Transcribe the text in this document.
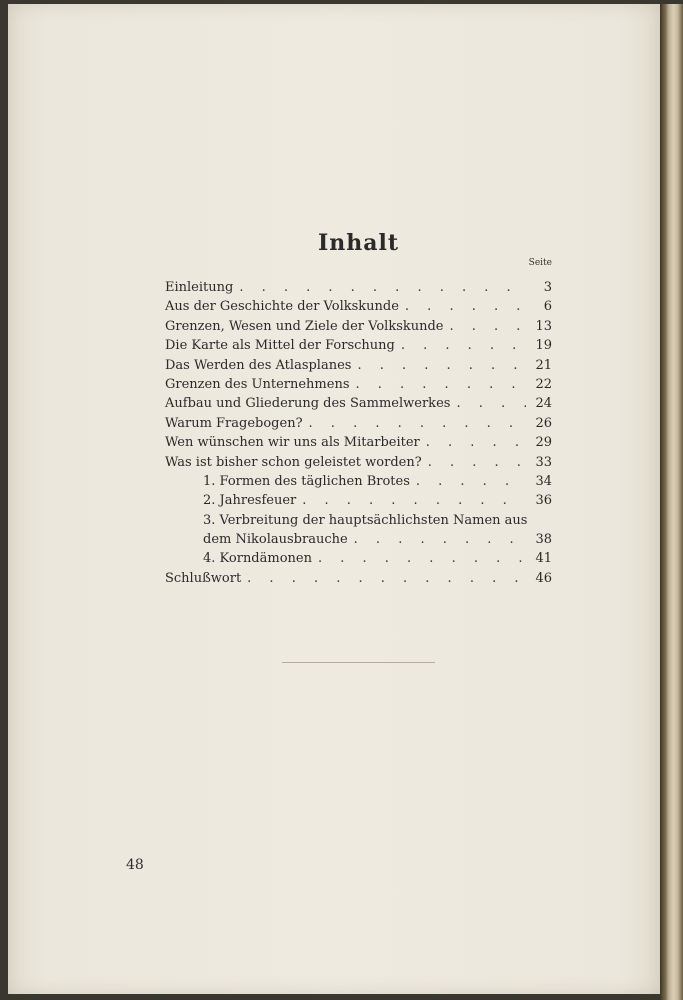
Inhalt
Seite
Einleitung . . .	3
Aus der Geschichte der Volkskunde . . .	6
Grenzen, Wesen und Ziele der Volkskunde . . .	13
Die Karte als Mittel der Forschung . . .	19
Das Werden des Atlasplanes . . .	21
Grenzen des Unternehmens . . .	22
Aufbau und Gliederung des Sammelwerkes . . .	24
Warum Fragebogen? . . .	26
Wen wünschen wir uns als Mitarbeiter . . .	29
Was ist bisher schon geleistet worden? . . .	33
1. Formen des täglichen Brotes . . .	34
2. Jahresfeuer . . .	36
3. Verbreitung der hauptsächlichsten Namen aus
dem Nikolausbrauche . . .	38
4. Korndämonen . . .	41
Schlußwort . . .	46
48
